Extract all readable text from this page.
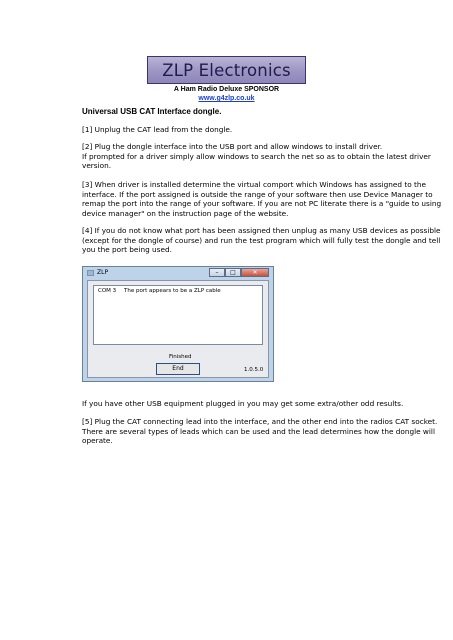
ZLP Electronics
A Ham Radio Deluxe SPONSOR
www.g4zlp.co.uk
Universal USB CAT Interface dongle.
[1] Unplug the CAT lead from the dongle.
[2] Plug the dongle interface into the USB port and allow windows to install driver.
If prompted for a driver simply allow windows to search the net so as to obtain the latest driver
version.
[3] When driver is installed determine the virtual comport which Windows has assigned to the
interface. If the port assigned is outside the range of your software then use Device Manager to
remap the port into the range of your software. If you are not PC literate there is a "guide to using
device manager" on the instruction page of the website.
[4] If you do not know what port has been assigned then unplug as many USB devices as possible
(except for the dongle of course) and run the test program which will fully test the dongle and tell
you the port being used.
ZLP	–	□	✕
COM 3 The port appears to be a ZLP cable
Finished
End	1.0.5.0
If you have other USB equipment plugged in you may get some extra/other odd results.
[5] Plug the CAT connecting lead into the interface, and the other end into the radios CAT socket.
There are several types of leads which can be used and the lead determines how the dongle will
operate.
